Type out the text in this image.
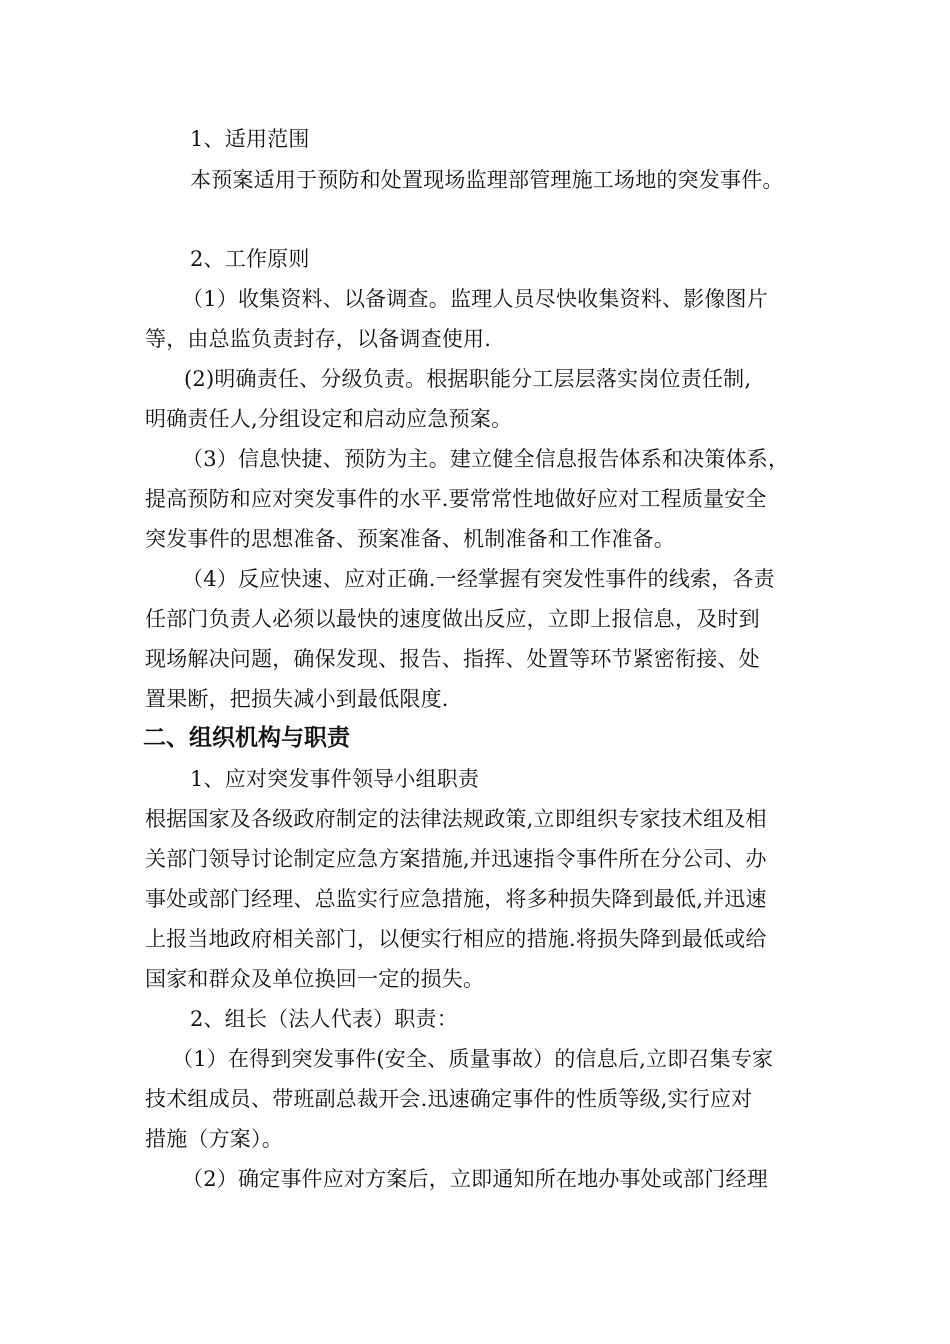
1、适用范围
本预案适用于预防和处置现场监理部管理施工场地的突发事件。
2、工作原则
（1）收集资料、以备调查。监理人员尽快收集资料、影像图片
等，由总监负责封存，以备调查使用.
(2)明确责任、分级负责。根据职能分工层层落实岗位责任制,
明确责任人,分组设定和启动应急预案。
（3）信息快捷、预防为主。建立健全信息报告体系和决策体系，
提高预防和应对突发事件的水平.要常常性地做好应对工程质量安全
突发事件的思想准备、预案准备、机制准备和工作准备。
（4）反应快速、应对正确.一经掌握有突发性事件的线索，各责
任部门负责人必须以最快的速度做出反应，立即上报信息，及时到
现场解决问题，确保发现、报告、指挥、处置等环节紧密衔接、处
置果断，把损失减小到最低限度.
二、组织机构与职责
1、应对突发事件领导小组职责
根据国家及各级政府制定的法律法规政策,立即组织专家技术组及相
关部门领导讨论制定应急方案措施,并迅速指令事件所在分公司、办
事处或部门经理、总监实行应急措施，将多种损失降到最低,并迅速
上报当地政府相关部门，以便实行相应的措施.将损失降到最低或给
国家和群众及单位换回一定的损失。
2、组长（法人代表）职责：
（1）在得到突发事件(安全、质量事故）的信息后,立即召集专家
技术组成员、带班副总裁开会.迅速确定事件的性质等级,实行应对
措施（方案）。
（2）确定事件应对方案后，立即通知所在地办事处或部门经理
